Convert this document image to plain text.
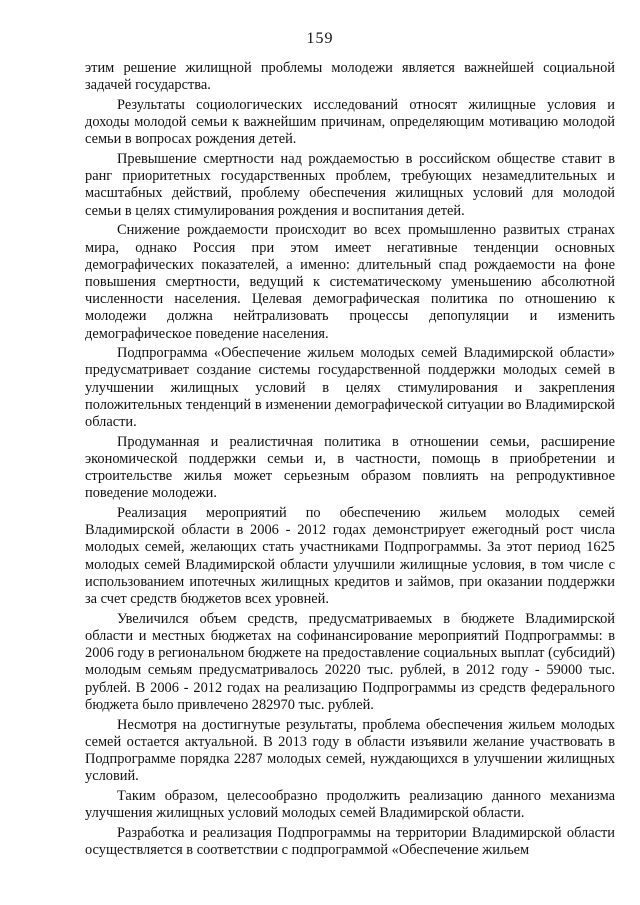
159

этим решение жилищной проблемы молодежи является важнейшей социальной задачей государства.

Результаты социологических исследований относят жилищные условия и доходы молодой семьи к важнейшим причинам, определяющим мотивацию молодой семьи в вопросах рождения детей.

Превышение смертности над рождаемостью в российском обществе ставит в ранг приоритетных государственных проблем, требующих незамедлительных и масштабных действий, проблему обеспечения жилищных условий для молодой семьи в целях стимулирования рождения и воспитания детей.

Снижение рождаемости происходит во всех промышленно развитых странах мира, однако Россия при этом имеет негативные тенденции основных демографических показателей, а именно: длительный спад рождаемости на фоне повышения смертности, ведущий к систематическому уменьшению абсолютной численности населения. Целевая демографическая политика по отношению к молодежи должна нейтрализовать процессы депопуляции и изменить демографическое поведение населения.

Подпрограмма «Обеспечение жильем молодых семей Владимирской области» предусматривает создание системы государственной поддержки молодых семей в улучшении жилищных условий в целях стимулирования и закрепления положительных тенденций в изменении демографической ситуации во Владимирской области.

Продуманная и реалистичная политика в отношении семьи, расширение экономической поддержки семьи и, в частности, помощь в приобретении и строительстве жилья может серьезным образом повлиять на репродуктивное поведение молодежи.

Реализация мероприятий по обеспечению жильем молодых семей Владимирской области в 2006 - 2012 годах демонстрирует ежегодный рост числа молодых семей, желающих стать участниками Подпрограммы. За этот период 1625 молодых семей Владимирской области улучшили жилищные условия, в том числе с использованием ипотечных жилищных кредитов и займов, при оказании поддержки за счет средств бюджетов всех уровней.

Увеличился объем средств, предусматриваемых в бюджете Владимирской области и местных бюджетах на софинансирование мероприятий Подпрограммы: в 2006 году в региональном бюджете на предоставление социальных выплат (субсидий) молодым семьям предусматривалось 20220 тыс. рублей, в 2012 году - 59000 тыс. рублей. В 2006 - 2012 годах на реализацию Подпрограммы из средств федерального бюджета было привлечено 282970 тыс. рублей.

Несмотря на достигнутые результаты, проблема обеспечения жильем молодых семей остается актуальной. В 2013 году в области изъявили желание участвовать в Подпрограмме порядка 2287 молодых семей, нуждающихся в улучшении жилищных условий.

Таким образом, целесообразно продолжить реализацию данного механизма улучшения жилищных условий молодых семей Владимирской области.

Разработка и реализация Подпрограммы на территории Владимирской области осуществляется в соответствии с подпрограммой «Обеспечение жильем
